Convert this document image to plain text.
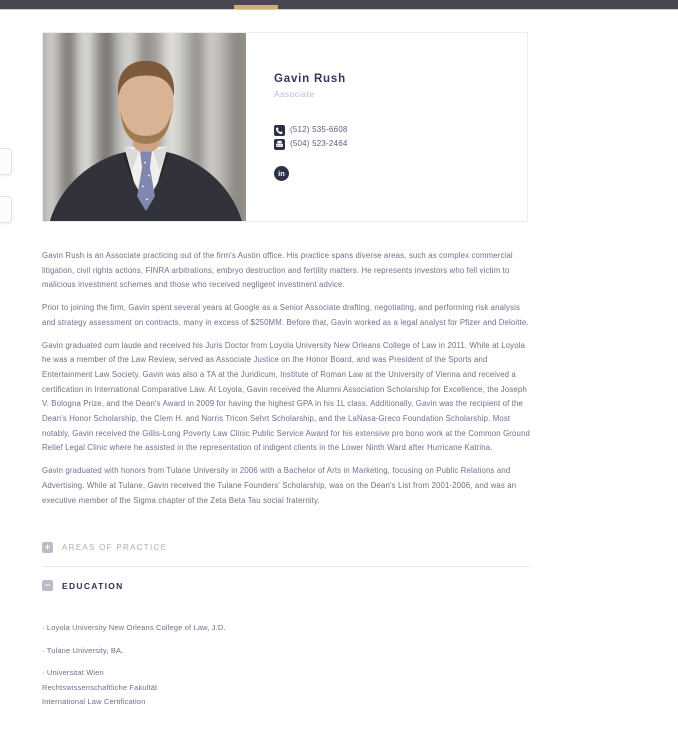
Gavin Rush
Associate
(512) 535-6608
(504) 523-2464
in

Gavin Rush is an Associate practicing out of the firm's Austin office. His practice spans diverse areas, such as complex commercial litigation, civil rights actions, FINRA arbitrations, embryo destruction and fertility matters. He represents investors who fell victim to malicious investment schemes and those who received negligent investment advice.

Prior to joining the firm, Gavin spent several years at Google as a Senior Associate drafting, negotiating, and performing risk analysis and strategy assessment on contracts, many in excess of $250MM. Before that, Gavin worked as a legal analyst for Pfizer and Deloitte.

Gavin graduated cum laude and received his Juris Doctor from Loyola University New Orleans College of Law in 2011. While at Loyola he was a member of the Law Review, served as Associate Justice on the Honor Board, and was President of the Sports and Entertainment Law Society. Gavin was also a TA at the Juridicum, Institute of Roman Law at the University of Vienna and received a certification in International Comparative Law. At Loyola, Gavin received the Alumni Association Scholarship for Excellence, the Joseph V. Bologna Prize, and the Dean's Award in 2009 for having the highest GPA in his 1L class. Additionally, Gavin was the recipient of the Dean's Honor Scholarship, the Clem H. and Norris Tricon Sehrt Scholarship, and the LaNasa-Greco Foundation Scholarship. Most notably, Gavin received the Gillis-Long Poverty Law Clinic Public Service Award for his extensive pro bono work at the Common Ground Relief Legal Clinic where he assisted in the representation of indigent clients in the Lower Ninth Ward after Hurricane Katrina.

Gavin graduated with honors from Tulane University in 2006 with a Bachelor of Arts in Marketing, focusing on Public Relations and Advertising. While at Tulane, Gavin received the Tulane Founders' Scholarship, was on the Dean's List from 2001-2006, and was an executive member of the Sigma chapter of the Zeta Beta Tau social fraternity.

+	AREAS OF PRACTICE
−	EDUCATION
· Loyola University New Orleans College of Law, J.D.
· Tulane University, BA.
· Universitat Wien
Rechtswissenschaftliche Fakultät
International Law Certification
